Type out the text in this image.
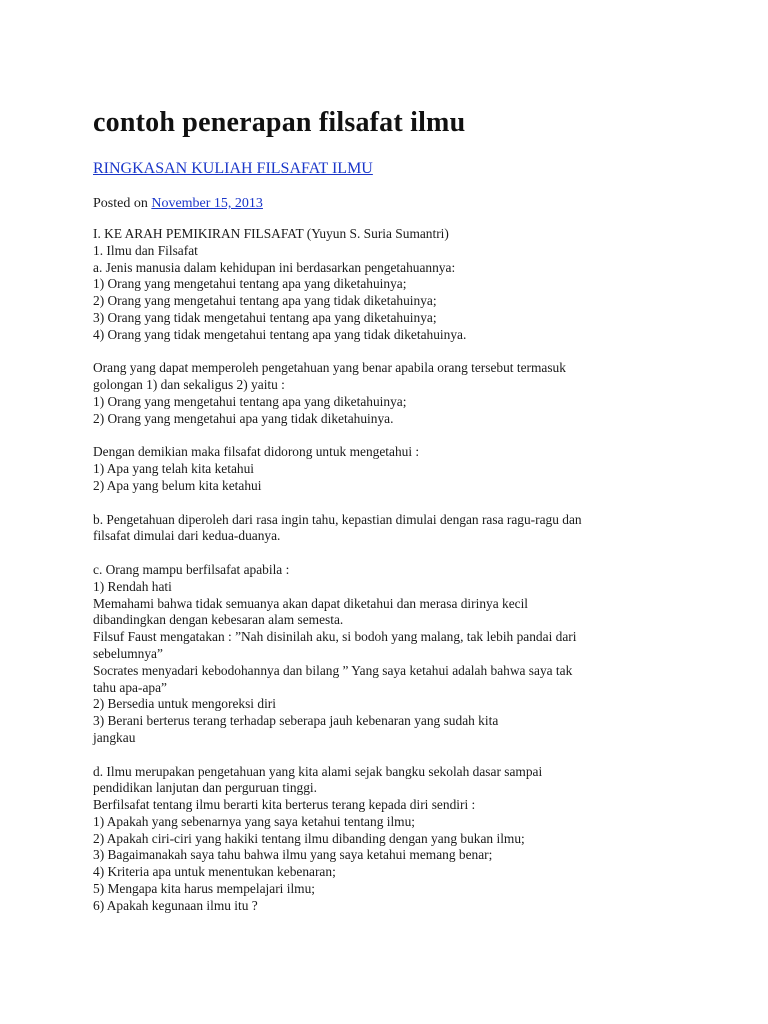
contoh penerapan filsafat ilmu
RINGKASAN KULIAH FILSAFAT ILMU
Posted on November 15, 2013
I. KE ARAH PEMIKIRAN FILSAFAT (Yuyun S. Suria Sumantri)
1. Ilmu dan Filsafat
a. Jenis manusia dalam kehidupan ini berdasarkan pengetahuannya:
1) Orang yang mengetahui tentang apa yang diketahuinya;
2) Orang yang mengetahui tentang apa yang tidak diketahuinya;
3) Orang yang tidak mengetahui tentang apa yang diketahuinya;
4) Orang yang tidak mengetahui tentang apa yang tidak diketahuinya.
Orang yang dapat memperoleh pengetahuan yang benar apabila orang tersebut termasuk
golongan 1) dan sekaligus 2) yaitu :
1) Orang yang mengetahui tentang apa yang diketahuinya;
2) Orang yang mengetahui apa yang tidak diketahuinya.
Dengan demikian maka filsafat didorong untuk mengetahui :
1) Apa yang telah kita ketahui
2) Apa yang belum kita ketahui
b. Pengetahuan diperoleh dari rasa ingin tahu, kepastian dimulai dengan rasa ragu-ragu dan
filsafat dimulai dari kedua-duanya.
c. Orang mampu berfilsafat apabila :
1) Rendah hati
Memahami bahwa tidak semuanya akan dapat diketahui dan merasa dirinya kecil
dibandingkan dengan kebesaran alam semesta.
Filsuf Faust mengatakan : ”Nah disinilah aku, si bodoh yang malang, tak lebih pandai dari
sebelumnya”
Socrates menyadari kebodohannya dan bilang ” Yang saya ketahui adalah bahwa saya tak
tahu apa-apa”
2) Bersedia untuk mengoreksi diri
3) Berani berterus terang terhadap seberapa jauh kebenaran yang sudah kita
jangkau
d. Ilmu merupakan pengetahuan yang kita alami sejak bangku sekolah dasar sampai
pendidikan lanjutan dan perguruan tinggi.
Berfilsafat tentang ilmu berarti kita berterus terang kepada diri sendiri :
1) Apakah yang sebenarnya yang saya ketahui tentang ilmu;
2) Apakah ciri-ciri yang hakiki tentang ilmu dibanding dengan yang bukan ilmu;
3) Bagaimanakah saya tahu bahwa ilmu yang saya ketahui memang benar;
4) Kriteria apa untuk menentukan kebenaran;
5) Mengapa kita harus mempelajari ilmu;
6) Apakah kegunaan ilmu itu ?
